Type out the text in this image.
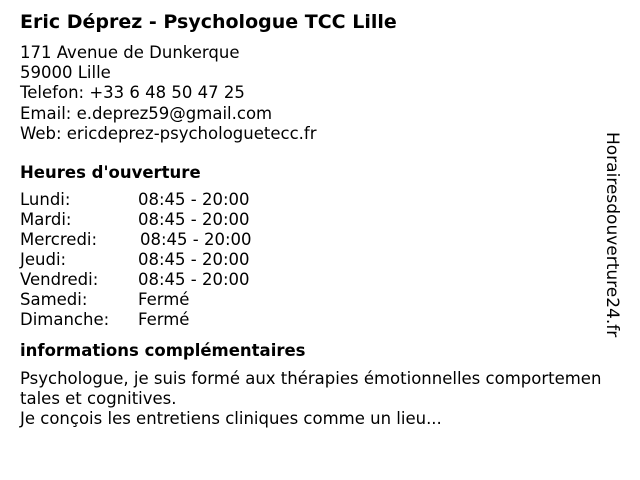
Eric Déprez - Psychologue TCC Lille
171 Avenue de Dunkerque
59000 Lille
Telefon: +33 6 48 50 47 25
Email: e.deprez59@gmail.com
Web: ericdeprez-psychologuetecc.fr
Heures d'ouverture
Lundi:	08:45 - 20:00
Mardi:	08:45 - 20:00
Mercredi:	08:45 - 20:00
Jeudi:	08:45 - 20:00
Vendredi:	08:45 - 20:00
Samedi:	Fermé
Dimanche:	Fermé
informations complémentaires
Psychologue, je suis formé aux thérapies émotionnelles comportemen
tales et cognitives.
Je conçois les entretiens cliniques comme un lieu...
Horairesdouverture24.fr
